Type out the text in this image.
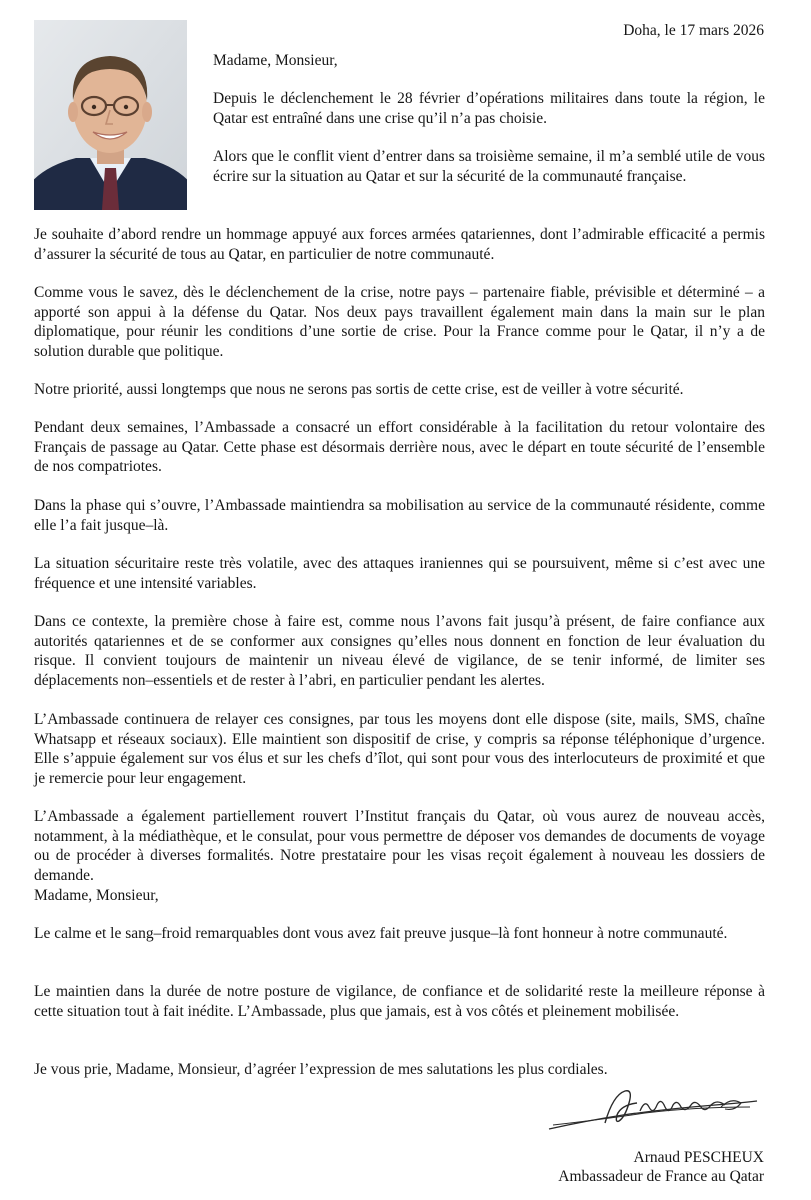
Doha, le 17 mars 2026

Madame, Monsieur,

Depuis le déclenchement le 28 février d’opérations militaires dans toute la région, le Qatar est entraîné dans une crise qu’il n’a pas choisie.

Alors que le conflit vient d’entrer dans sa troisième semaine, il m’a semblé utile de vous écrire sur la situation au Qatar et sur la sécurité de la communauté française.

Je souhaite d’abord rendre un hommage appuyé aux forces armées qatariennes, dont l’admirable efficacité a permis d’assurer la sécurité de tous au Qatar, en particulier de notre communauté.

Comme vous le savez, dès le déclenchement de la crise, notre pays – partenaire fiable, prévisible et déterminé – a apporté son appui à la défense du Qatar. Nos deux pays travaillent également main dans la main sur le plan diplomatique, pour réunir les conditions d’une sortie de crise. Pour la France comme pour le Qatar, il n’y a de solution durable que politique.

Notre priorité, aussi longtemps que nous ne serons pas sortis de cette crise, est de veiller à votre sécurité.

Pendant deux semaines, l’Ambassade a consacré un effort considérable à la facilitation du retour volontaire des Français de passage au Qatar. Cette phase est désormais derrière nous, avec le départ en toute sécurité de l’ensemble de nos compatriotes.

Dans la phase qui s’ouvre, l’Ambassade maintiendra sa mobilisation au service de la communauté résidente, comme elle l’a fait jusque–là.

La situation sécuritaire reste très volatile, avec des attaques iraniennes qui se poursuivent, même si c’est avec une fréquence et une intensité variables.

Dans ce contexte, la première chose à faire est, comme nous l’avons fait jusqu’à présent, de faire confiance aux autorités qatariennes et de se conformer aux consignes qu’elles nous donnent en fonction de leur évaluation du risque. Il convient toujours de maintenir un niveau élevé de vigilance, de se tenir informé, de limiter ses déplacements non–essentiels et de rester à l’abri, en particulier pendant les alertes.

L’Ambassade continuera de relayer ces consignes, par tous les moyens dont elle dispose (site, mails, SMS, chaîne Whatsapp et réseaux sociaux). Elle maintient son dispositif de crise, y compris sa réponse téléphonique d’urgence. Elle s’appuie également sur vos élus et sur les chefs d’îlot, qui sont pour vous des interlocuteurs de proximité et que je remercie pour leur engagement.

L’Ambassade a également partiellement rouvert l’Institut français du Qatar, où vous aurez de nouveau accès, notamment, à la médiathèque, et le consulat, pour vous permettre de déposer vos demandes de documents de voyage ou de procéder à diverses formalités. Notre prestataire pour les visas reçoit également à nouveau les dossiers de demande.

Madame, Monsieur,

Le calme et le sang–froid remarquables dont vous avez fait preuve jusque–là font honneur à notre communauté.

Le maintien dans la durée de notre posture de vigilance, de confiance et de solidarité reste la meilleure réponse à cette situation tout à fait inédite. L’Ambassade, plus que jamais, est à vos côtés et pleinement mobilisée.

Je vous prie, Madame, Monsieur, d’agréer l’expression de mes salutations les plus cordiales.

Arnaud PESCHEUX
Ambassadeur de France au Qatar
